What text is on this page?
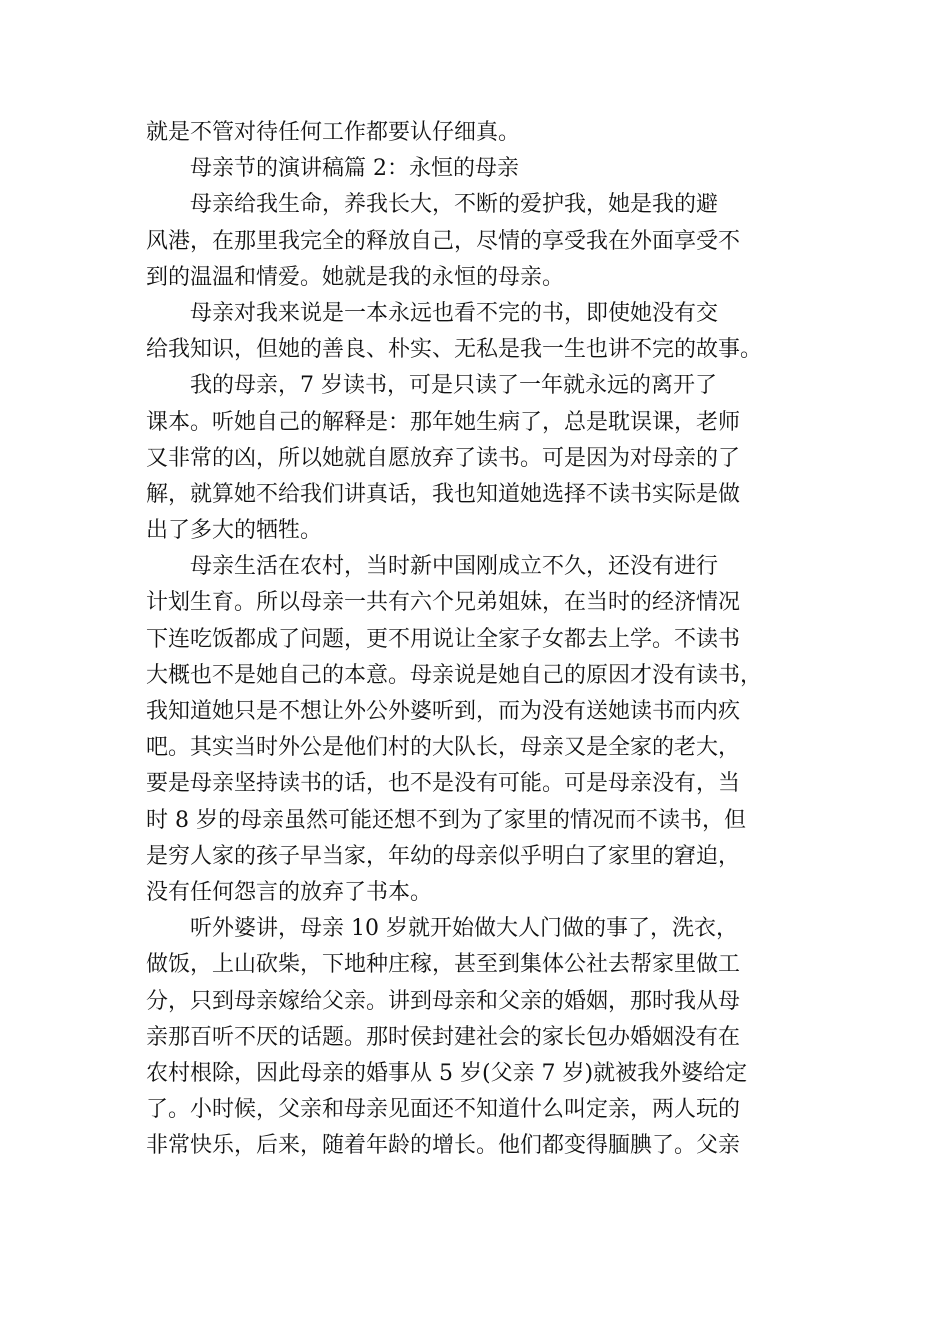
就是不管对待任何工作都要认仔细真。
　　母亲节的演讲稿篇 2：永恒的母亲
　　母亲给我生命，养我长大，不断的爱护我，她是我的避
风港，在那里我完全的释放自己，尽情的享受我在外面享受不
到的温温和情爱。她就是我的永恒的母亲。
　　母亲对我来说是一本永远也看不完的书，即使她没有交
给我知识，但她的善良、朴实、无私是我一生也讲不完的故事。
　　我的母亲，7 岁读书，可是只读了一年就永远的离开了
课本。听她自己的解释是：那年她生病了，总是耽误课，老师
又非常的凶，所以她就自愿放弃了读书。可是因为对母亲的了
解，就算她不给我们讲真话，我也知道她选择不读书实际是做
出了多大的牺牲。
　　母亲生活在农村，当时新中国刚成立不久，还没有进行
计划生育。所以母亲一共有六个兄弟姐妹，在当时的经济情况
下连吃饭都成了问题，更不用说让全家子女都去上学。不读书
大概也不是她自己的本意。母亲说是她自己的原因才没有读书，
我知道她只是不想让外公外婆听到，而为没有送她读书而内疚
吧。其实当时外公是他们村的大队长，母亲又是全家的老大，
要是母亲坚持读书的话，也不是没有可能。可是母亲没有，当
时 8 岁的母亲虽然可能还想不到为了家里的情况而不读书，但
是穷人家的孩子早当家，年幼的母亲似乎明白了家里的窘迫，
没有任何怨言的放弃了书本。
　　听外婆讲，母亲 10 岁就开始做大人门做的事了，洗衣，
做饭，上山砍柴，下地种庄稼，甚至到集体公社去帮家里做工
分，只到母亲嫁给父亲。讲到母亲和父亲的婚姻，那时我从母
亲那百听不厌的话题。那时侯封建社会的家长包办婚姻没有在
农村根除，因此母亲的婚事从 5 岁(父亲 7 岁)就被我外婆给定
了。小时候，父亲和母亲见面还不知道什么叫定亲，两人玩的
非常快乐，后来，随着年龄的增长。他们都变得腼腆了。父亲
